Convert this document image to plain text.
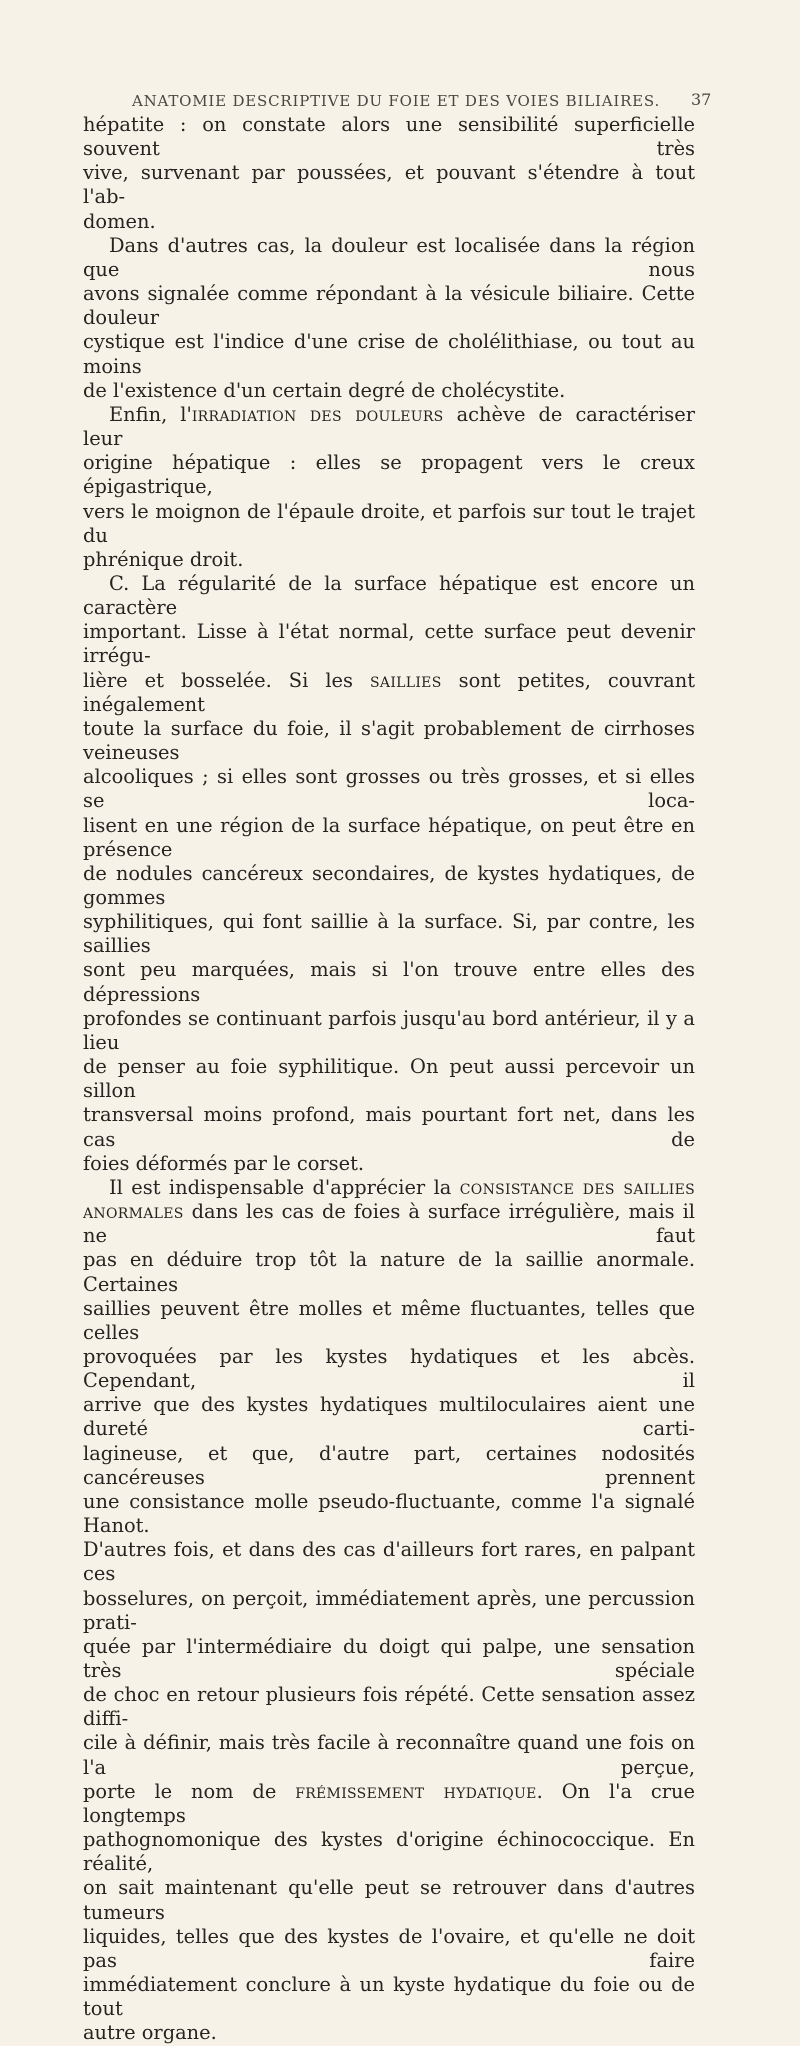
ANATOMIE DESCRIPTIVE DU FOIE ET DES VOIES BILIAIRES.	37

hépatite : on constate alors une sensibilité superficielle souvent très

vive, survenant par poussées, et pouvant s'étendre à tout l'ab-

domen.

Dans d'autres cas, la douleur est localisée dans la région que nous

avons signalée comme répondant à la vésicule biliaire. Cette douleur

cystique est l'indice d'une crise de cholélithiase, ou tout au moins

de l'existence d'un certain degré de cholécystite.

Enfin, l'irradiation des douleurs achève de caractériser leur

origine hépatique : elles se propagent vers le creux épigastrique,

vers le moignon de l'épaule droite, et parfois sur tout le trajet du

phrénique droit.

C. La régularité de la surface hépatique est encore un caractère

important. Lisse à l'état normal, cette surface peut devenir irrégu-

lière et bosselée. Si les saillies sont petites, couvrant inégalement

toute la surface du foie, il s'agit probablement de cirrhoses veineuses

alcooliques ; si elles sont grosses ou très grosses, et si elles se loca-

lisent en une région de la surface hépatique, on peut être en présence

de nodules cancéreux secondaires, de kystes hydatiques, de gommes

syphilitiques, qui font saillie à la surface. Si, par contre, les saillies

sont peu marquées, mais si l'on trouve entre elles des dépressions

profondes se continuant parfois jusqu'au bord antérieur, il y a lieu

de penser au foie syphilitique. On peut aussi percevoir un sillon

transversal moins profond, mais pourtant fort net, dans les cas de

foies déformés par le corset.

Il est indispensable d'apprécier la consistance des saillies

anormales dans les cas de foies à surface irrégulière, mais il ne faut

pas en déduire trop tôt la nature de la saillie anormale. Certaines

saillies peuvent être molles et même fluctuantes, telles que celles

provoquées par les kystes hydatiques et les abcès. Cependant, il

arrive que des kystes hydatiques multiloculaires aient une dureté carti-

lagineuse, et que, d'autre part, certaines nodosités cancéreuses prennent

une consistance molle pseudo-fluctuante, comme l'a signalé Hanot.

D'autres fois, et dans des cas d'ailleurs fort rares, en palpant ces

bosselures, on perçoit, immédiatement après, une percussion prati-

quée par l'intermédiaire du doigt qui palpe, une sensation très spéciale

de choc en retour plusieurs fois répété. Cette sensation assez diffi-

cile à définir, mais très facile à reconnaître quand une fois on l'a perçue,

porte le nom de frémissement hydatique. On l'a crue longtemps

pathognomonique des kystes d'origine échinococcique. En réalité,

on sait maintenant qu'elle peut se retrouver dans d'autres tumeurs

liquides, telles que des kystes de l'ovaire, et qu'elle ne doit pas faire

immédiatement conclure à un kyste hydatique du foie ou de tout

autre organe.
